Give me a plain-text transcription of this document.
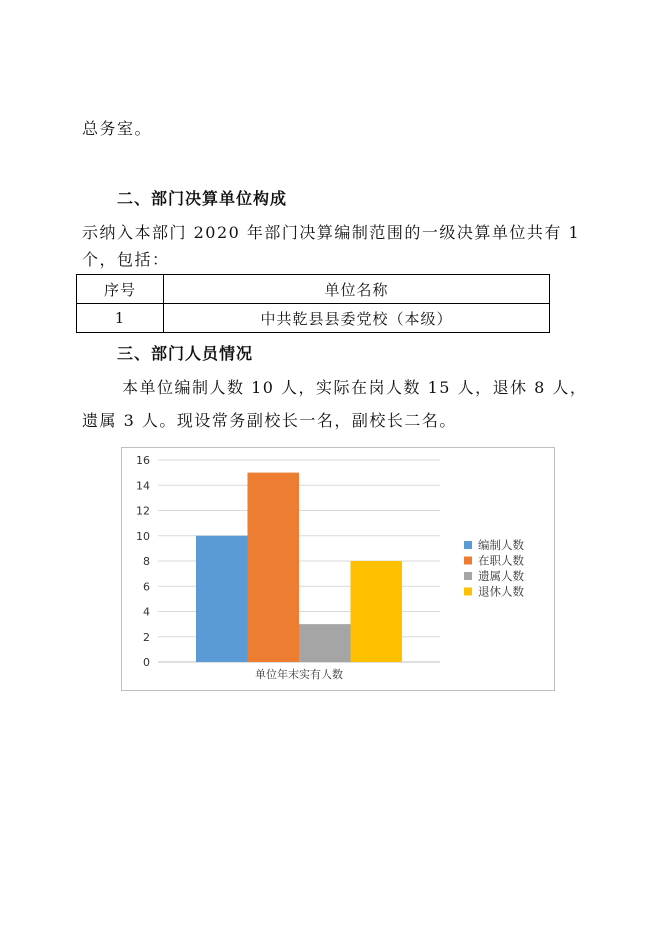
总务室。
二、部门决算单位构成
示纳入本部门 2020 年部门决算编制范围的一级决算单位共有 1
个，包括：
序号	单位名称
1	中共乾县县委党校（本级）
三、部门人员情况
本单位编制人数 10 人，实际在岗人数 15 人，退休 8 人，
遗属 3 人。现设常务副校长一名，副校长二名。
0
2
4
6
8
10
12
14
16
单位年末实有人数
编制人数
在职人数
遗属人数
退休人数
